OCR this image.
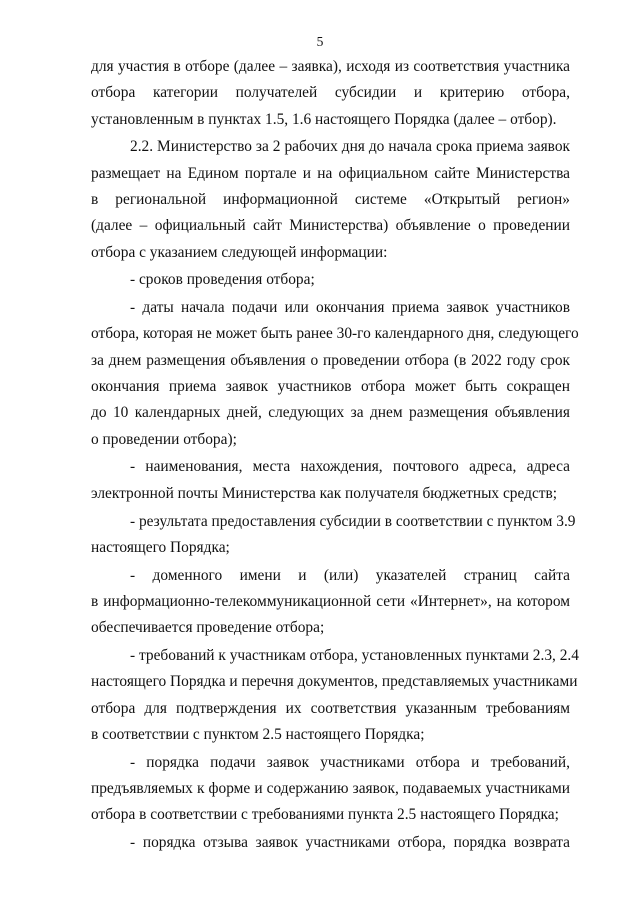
5
для участия в отборе (далее – заявка), исходя из соответствия участника
отбора категории получателей субсидии и критерию отбора,
установленным в пунктах 1.5, 1.6 настоящего Порядка (далее – отбор).
2.2. Министерство за 2 рабочих дня до начала срока приема заявок
размещает на Едином портале и на официальном сайте Министерства
в региональной информационной системе «Открытый регион»
(далее – официальный сайт Министерства) объявление о проведении
отбора с указанием следующей информации:
- сроков проведения отбора;
- даты начала подачи или окончания приема заявок участников
отбора, которая не может быть ранее 30-го календарного дня, следующего
за днем размещения объявления о проведении отбора (в 2022 году срок
окончания приема заявок участников отбора может быть сокращен
до 10 календарных дней, следующих за днем размещения объявления
о проведении отбора);
- наименования, места нахождения, почтового адреса, адреса
электронной почты Министерства как получателя бюджетных средств;
- результата предоставления субсидии в соответствии с пунктом 3.9
настоящего Порядка;
- доменного имени и (или) указателей страниц сайта
в информационно-телекоммуникационной сети «Интернет», на котором
обеспечивается проведение отбора;
- требований к участникам отбора, установленных пунктами 2.3, 2.4
настоящего Порядка и перечня документов, представляемых участниками
отбора для подтверждения их соответствия указанным требованиям
в соответствии с пунктом 2.5 настоящего Порядка;
- порядка подачи заявок участниками отбора и требований,
предъявляемых к форме и содержанию заявок, подаваемых участниками
отбора в соответствии с требованиями пункта 2.5 настоящего Порядка;
- порядка отзыва заявок участниками отбора, порядка возврата
